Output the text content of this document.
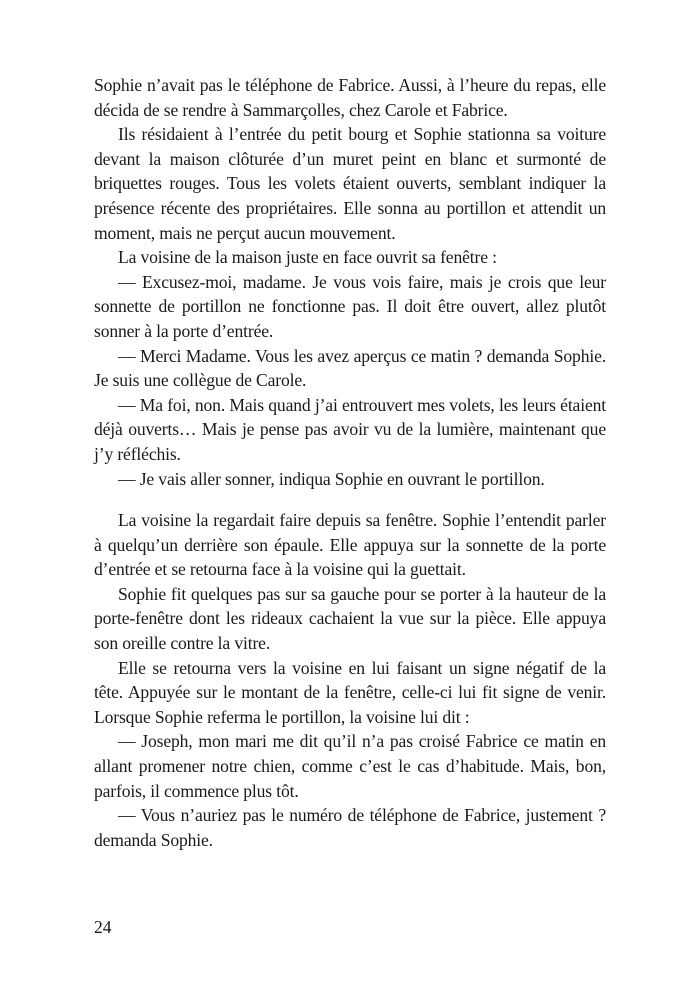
Sophie n’avait pas le téléphone de Fabrice. Aussi, à l’heure du repas, elle décida de se rendre à Sammarçolles, chez Carole et Fabrice.

Ils résidaient à l’entrée du petit bourg et Sophie stationna sa voiture devant la maison clôturée d’un muret peint en blanc et surmonté de briquettes rouges. Tous les volets étaient ouverts, semblant indiquer la présence récente des propriétaires. Elle sonna au portillon et attendit un moment, mais ne perçut aucun mouvement.

La voisine de la maison juste en face ouvrit sa fenêtre :

— Excusez-moi, madame. Je vous vois faire, mais je crois que leur sonnette de portillon ne fonctionne pas. Il doit être ouvert, allez plutôt sonner à la porte d’entrée.

— Merci Madame. Vous les avez aperçus ce matin ? demanda Sophie. Je suis une collègue de Carole.

— Ma foi, non. Mais quand j’ai entrouvert mes volets, les leurs étaient déjà ouverts… Mais je pense pas avoir vu de la lumière, maintenant que j’y réfléchis.

— Je vais aller sonner, indiqua Sophie en ouvrant le portillon.

La voisine la regardait faire depuis sa fenêtre. Sophie l’entendit parler à quelqu’un derrière son épaule. Elle appuya sur la sonnette de la porte d’entrée et se retourna face à la voisine qui la guettait.

Sophie fit quelques pas sur sa gauche pour se porter à la hauteur de la porte-fenêtre dont les rideaux cachaient la vue sur la pièce. Elle appuya son oreille contre la vitre.

Elle se retourna vers la voisine en lui faisant un signe négatif de la tête. Appuyée sur le montant de la fenêtre, celle-ci lui fit signe de venir. Lorsque Sophie referma le portillon, la voisine lui dit :

— Joseph, mon mari me dit qu’il n’a pas croisé Fabrice ce matin en allant promener notre chien, comme c’est le cas d’habitude. Mais, bon, parfois, il commence plus tôt.

— Vous n’auriez pas le numéro de téléphone de Fabrice, justement ? demanda Sophie.

24
